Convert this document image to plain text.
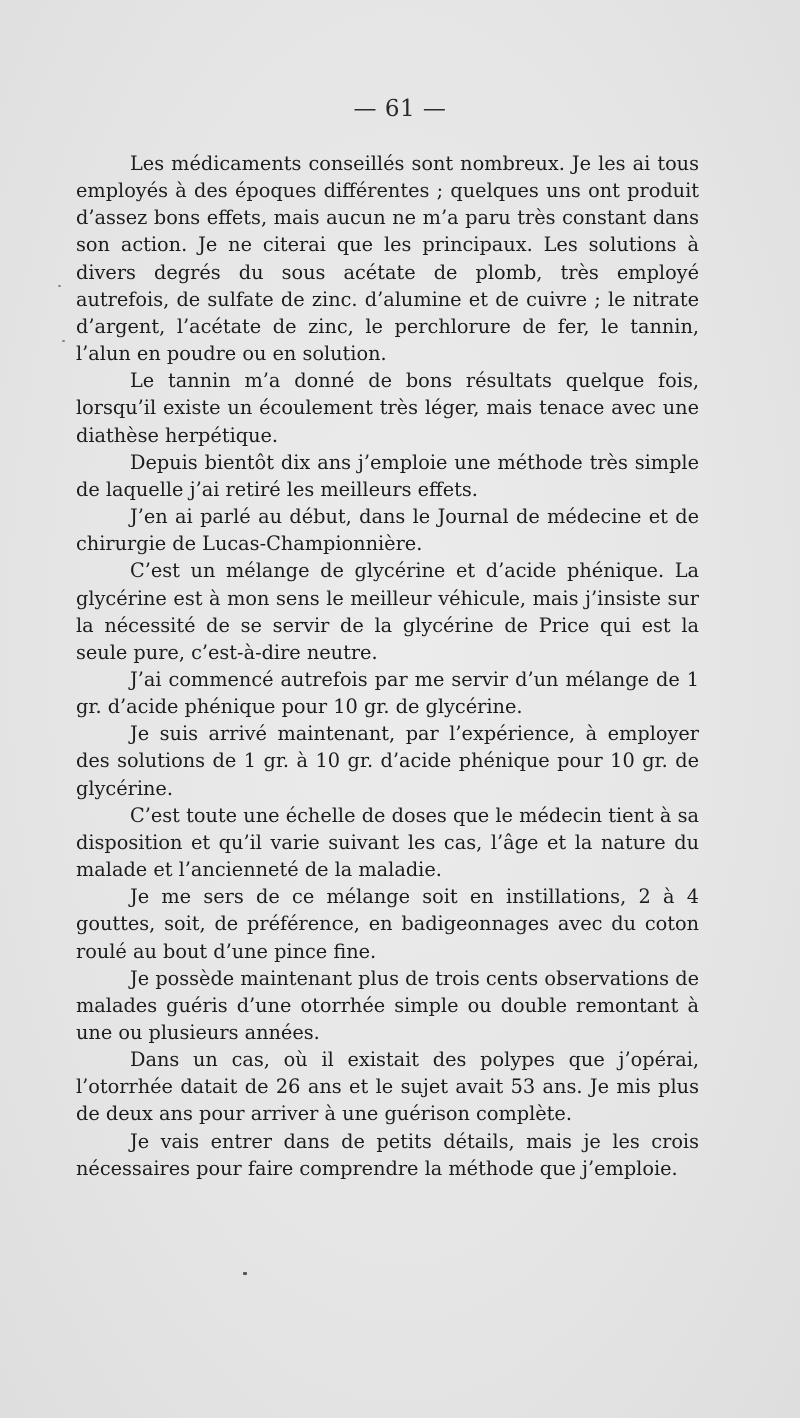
— 61 —

Les médicaments conseillés sont nombreux. Je les ai tous employés à des époques différentes ; quelques uns ont produit d’assez bons effets, mais aucun ne m’a paru très constant dans son action. Je ne citerai que les principaux. Les solutions à divers degrés du sous acétate de plomb, très employé autrefois, de sulfate de zinc. d’alumine et de cuivre ; le nitrate d’argent, l’acétate de zinc, le perchlorure de fer, le tannin, l’alun en poudre ou en solution.

Le tannin m’a donné de bons résultats quelque fois, lorsqu’il existe un écoulement très léger, mais tenace avec une diathèse herpétique.

Depuis bientôt dix ans j’emploie une méthode très simple de laquelle j’ai retiré les meilleurs effets.

J’en ai parlé au début, dans le Journal de médecine et de chirurgie de Lucas-Championnière.

C’est un mélange de glycérine et d’acide phénique. La glycérine est à mon sens le meilleur véhicule, mais j’insiste sur la nécessité de se servir de la glycérine de Price qui est la seule pure, c’est-à-dire neutre.

J’ai commencé autrefois par me servir d’un mélange de 1 gr. d’acide phénique pour 10 gr. de glycérine.

Je suis arrivé maintenant, par l’expérience, à employer des solutions de 1 gr. à 10 gr. d’acide phénique pour 10 gr. de glycérine.

C’est toute une échelle de doses que le médecin tient à sa disposition et qu’il varie suivant les cas, l’âge et la nature du malade et l’ancienneté de la maladie.

Je me sers de ce mélange soit en instillations, 2 à 4 gouttes, soit, de préférence, en badigeonnages avec du coton roulé au bout d’une pince fine.

Je possède maintenant plus de trois cents observations de malades guéris d’une otorrhée simple ou double remontant à une ou plusieurs années.

Dans un cas, où il existait des polypes que j’opérai, l’otorrhée datait de 26 ans et le sujet avait 53 ans. Je mis plus de deux ans pour arriver à une guérison complète.

Je vais entrer dans de petits détails, mais je les crois nécessaires pour faire comprendre la méthode que j’emploie.
